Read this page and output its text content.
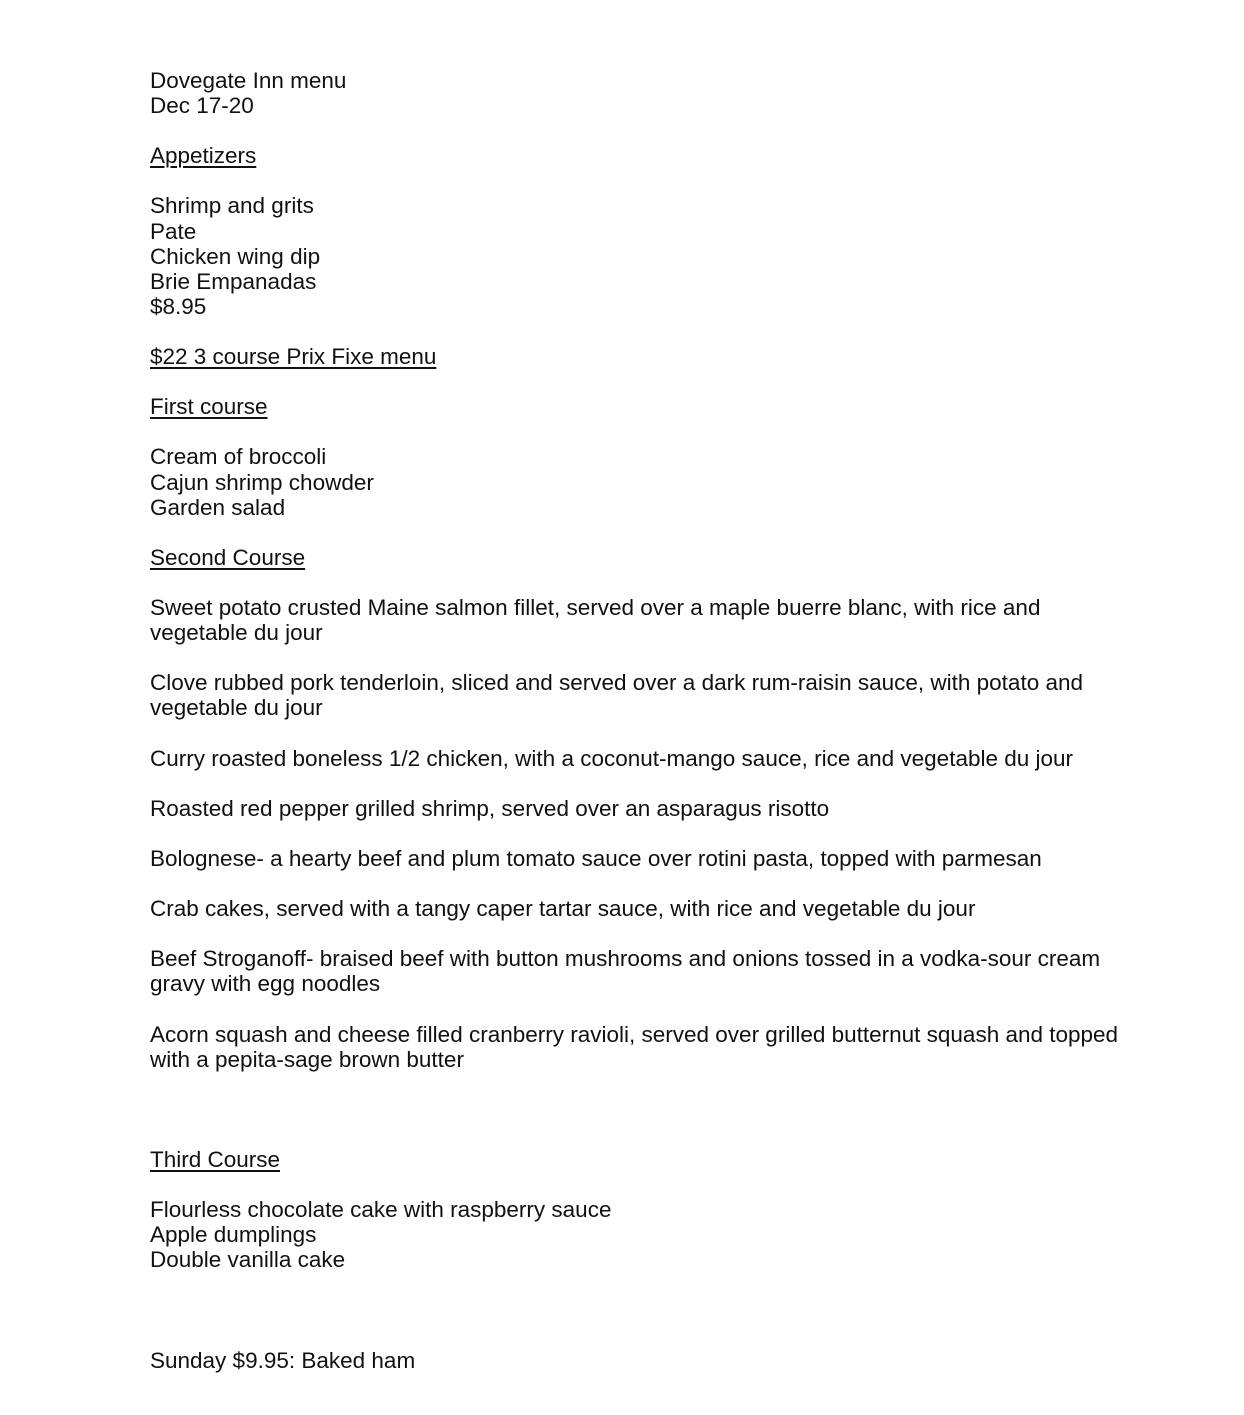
Dovegate Inn menu
Dec 17-20
Appetizers
Shrimp and grits
Pate
Chicken wing dip
Brie Empanadas
$8.95
$22 3 course Prix Fixe menu
First course
Cream of broccoli
Cajun shrimp chowder
Garden salad
Second Course
Sweet potato crusted Maine salmon fillet, served over a maple buerre blanc, with rice and vegetable du jour
Clove rubbed pork tenderloin, sliced and served over a dark rum-raisin sauce, with potato and vegetable du jour
Curry roasted boneless 1/2 chicken, with a coconut-mango sauce, rice and vegetable du jour
Roasted red pepper grilled shrimp, served over an asparagus risotto
Bolognese- a hearty beef and plum tomato sauce over rotini pasta, topped with parmesan
Crab cakes, served with a tangy caper tartar sauce, with rice and vegetable du jour
Beef Stroganoff- braised beef with button mushrooms and onions tossed in a vodka-sour cream gravy with egg noodles
Acorn squash and cheese filled cranberry ravioli, served over grilled butternut squash and topped with a pepita-sage brown butter
Third Course
Flourless chocolate cake with raspberry sauce
Apple dumplings
Double vanilla cake
Sunday $9.95: Baked ham
